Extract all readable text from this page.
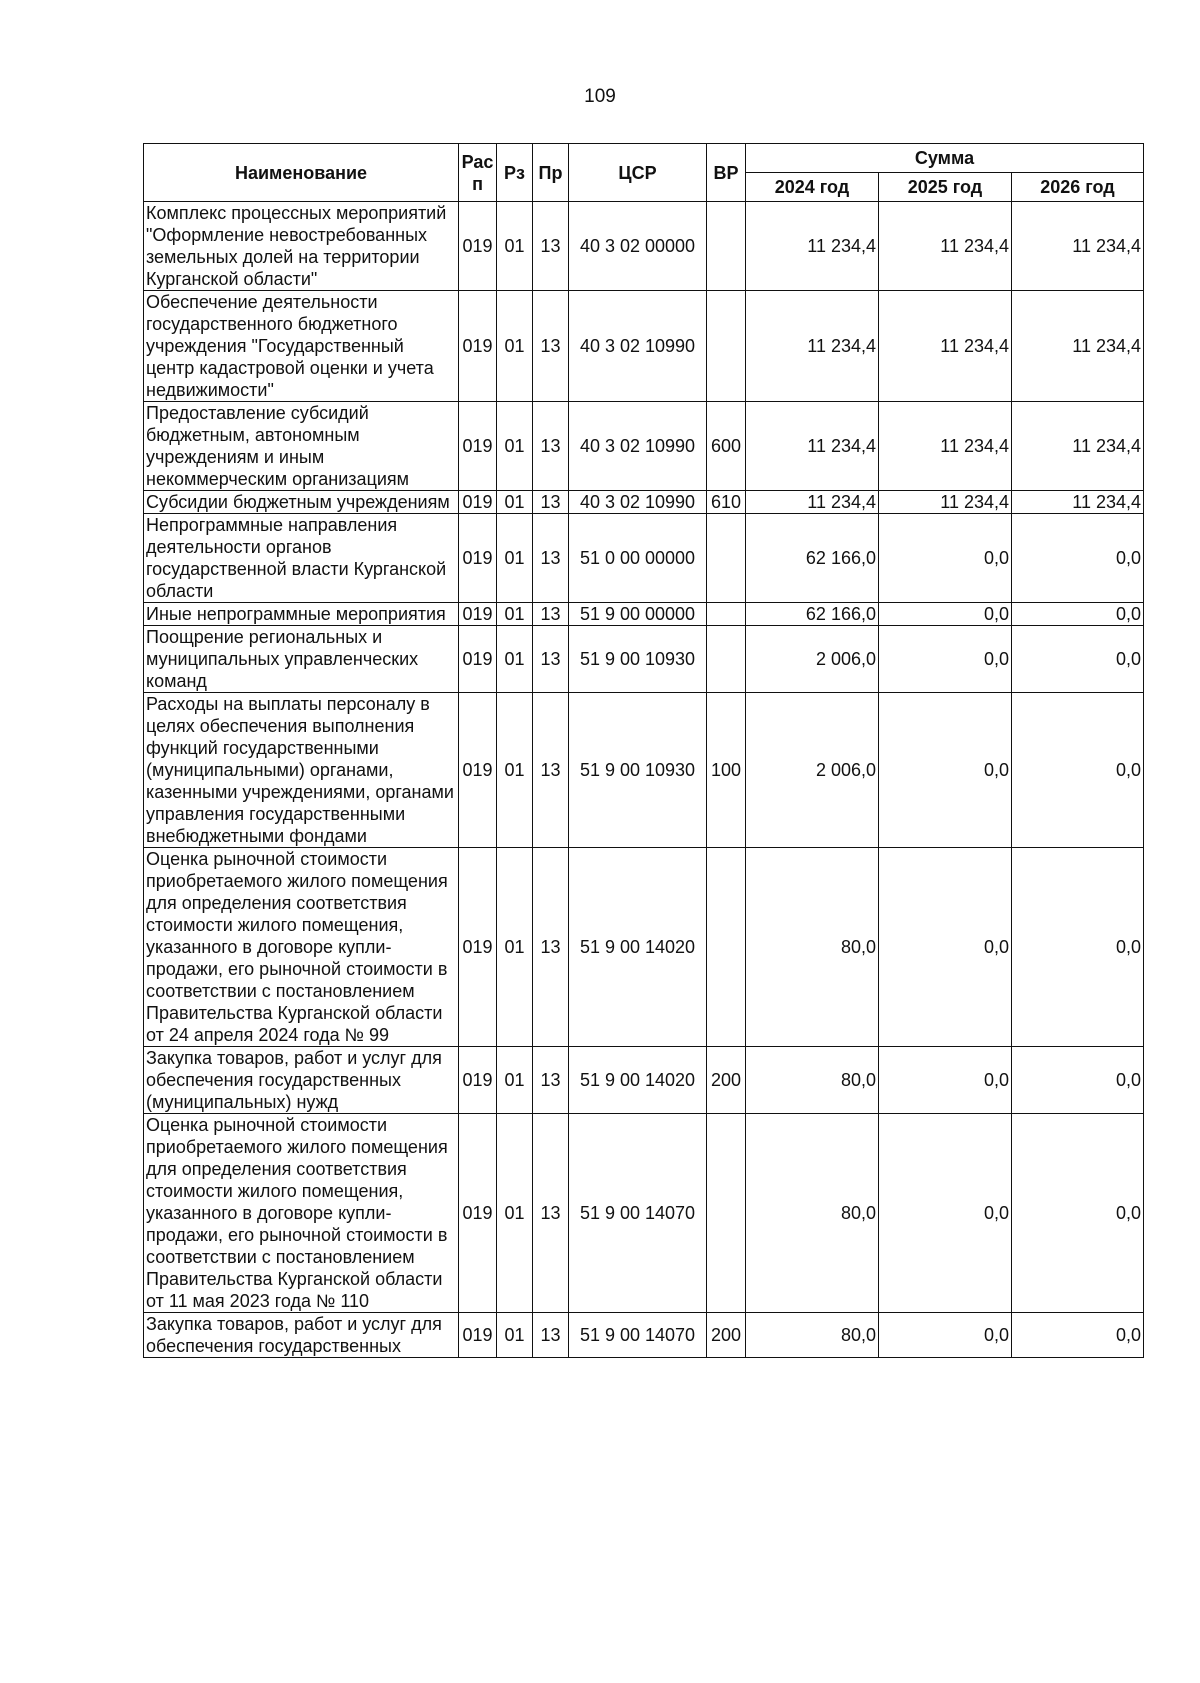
109
Наименование	Рас п	Рз	Пр	ЦСР	ВР	Сумма		
						2024 год	2025 год	2026 год
Комплекс процессных мероприятий "Оформление невостребованных земельных долей на территории Курганской области"	019	01	13	40 3 02 00000		11 234,4	11 234,4	11 234,4
Обеспечение деятельности государственного бюджетного учреждения "Государственный центр кадастровой оценки и учета недвижимости"	019	01	13	40 3 02 10990		11 234,4	11 234,4	11 234,4
Предоставление субсидий бюджетным, автономным учреждениям и иным некоммерческим организациям	019	01	13	40 3 02 10990	600	11 234,4	11 234,4	11 234,4
Субсидии бюджетным учреждениям	019	01	13	40 3 02 10990	610	11 234,4	11 234,4	11 234,4
Непрограммные направления деятельности органов государственной власти Курганской области	019	01	13	51 0 00 00000		62 166,0	0,0	0,0
Иные непрограммные мероприятия	019	01	13	51 9 00 00000		62 166,0	0,0	0,0
Поощрение региональных и муниципальных управленческих команд	019	01	13	51 9 00 10930		2 006,0	0,0	0,0
Расходы на выплаты персоналу в целях обеспечения выполнения функций государственными (муниципальными) органами, казенными учреждениями, органами управления государственными внебюджетными фондами	019	01	13	51 9 00 10930	100	2 006,0	0,0	0,0
Оценка рыночной стоимости приобретаемого жилого помещения для определения соответствия стоимости жилого помещения, указанного в договоре купли-продажи, его рыночной стоимости в соответствии с постановлением Правительства Курганской области от 24 апреля 2024 года № 99	019	01	13	51 9 00 14020		80,0	0,0	0,0
Закупка товаров, работ и услуг для обеспечения государственных (муниципальных) нужд	019	01	13	51 9 00 14020	200	80,0	0,0	0,0
Оценка рыночной стоимости приобретаемого жилого помещения для определения соответствия стоимости жилого помещения, указанного в договоре купли-продажи, его рыночной стоимости в соответствии с постановлением Правительства Курганской области от 11 мая 2023 года № 110	019	01	13	51 9 00 14070		80,0	0,0	0,0
Закупка товаров, работ и услуг для обеспечения государственных	019	01	13	51 9 00 14070	200	80,0	0,0	0,0
